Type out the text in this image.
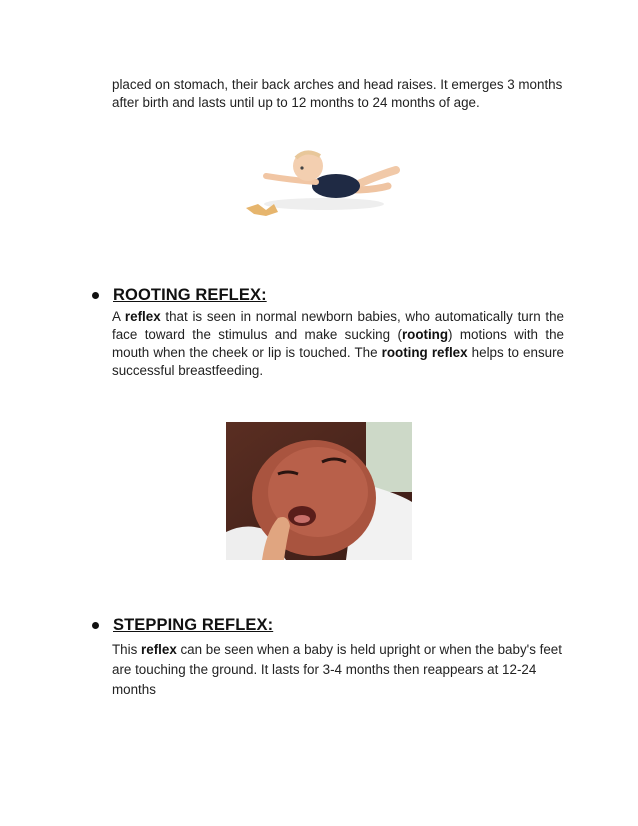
placed on stomach, their back arches and head raises. It emerges 3 months
after birth and lasts until up to 12 months to 24 months of age.

ROOTING REFLEX:

A reflex that is seen in normal newborn babies, who automatically turn the face toward the stimulus and make sucking (rooting) motions with the mouth when the cheek or lip is touched. The rooting reflex helps to ensure successful breastfeeding.

STEPPING REFLEX:

This reflex can be seen when a baby is held upright or when the baby's feet are touching the ground. It lasts for 3-4 months then reappears at 12-24 months
